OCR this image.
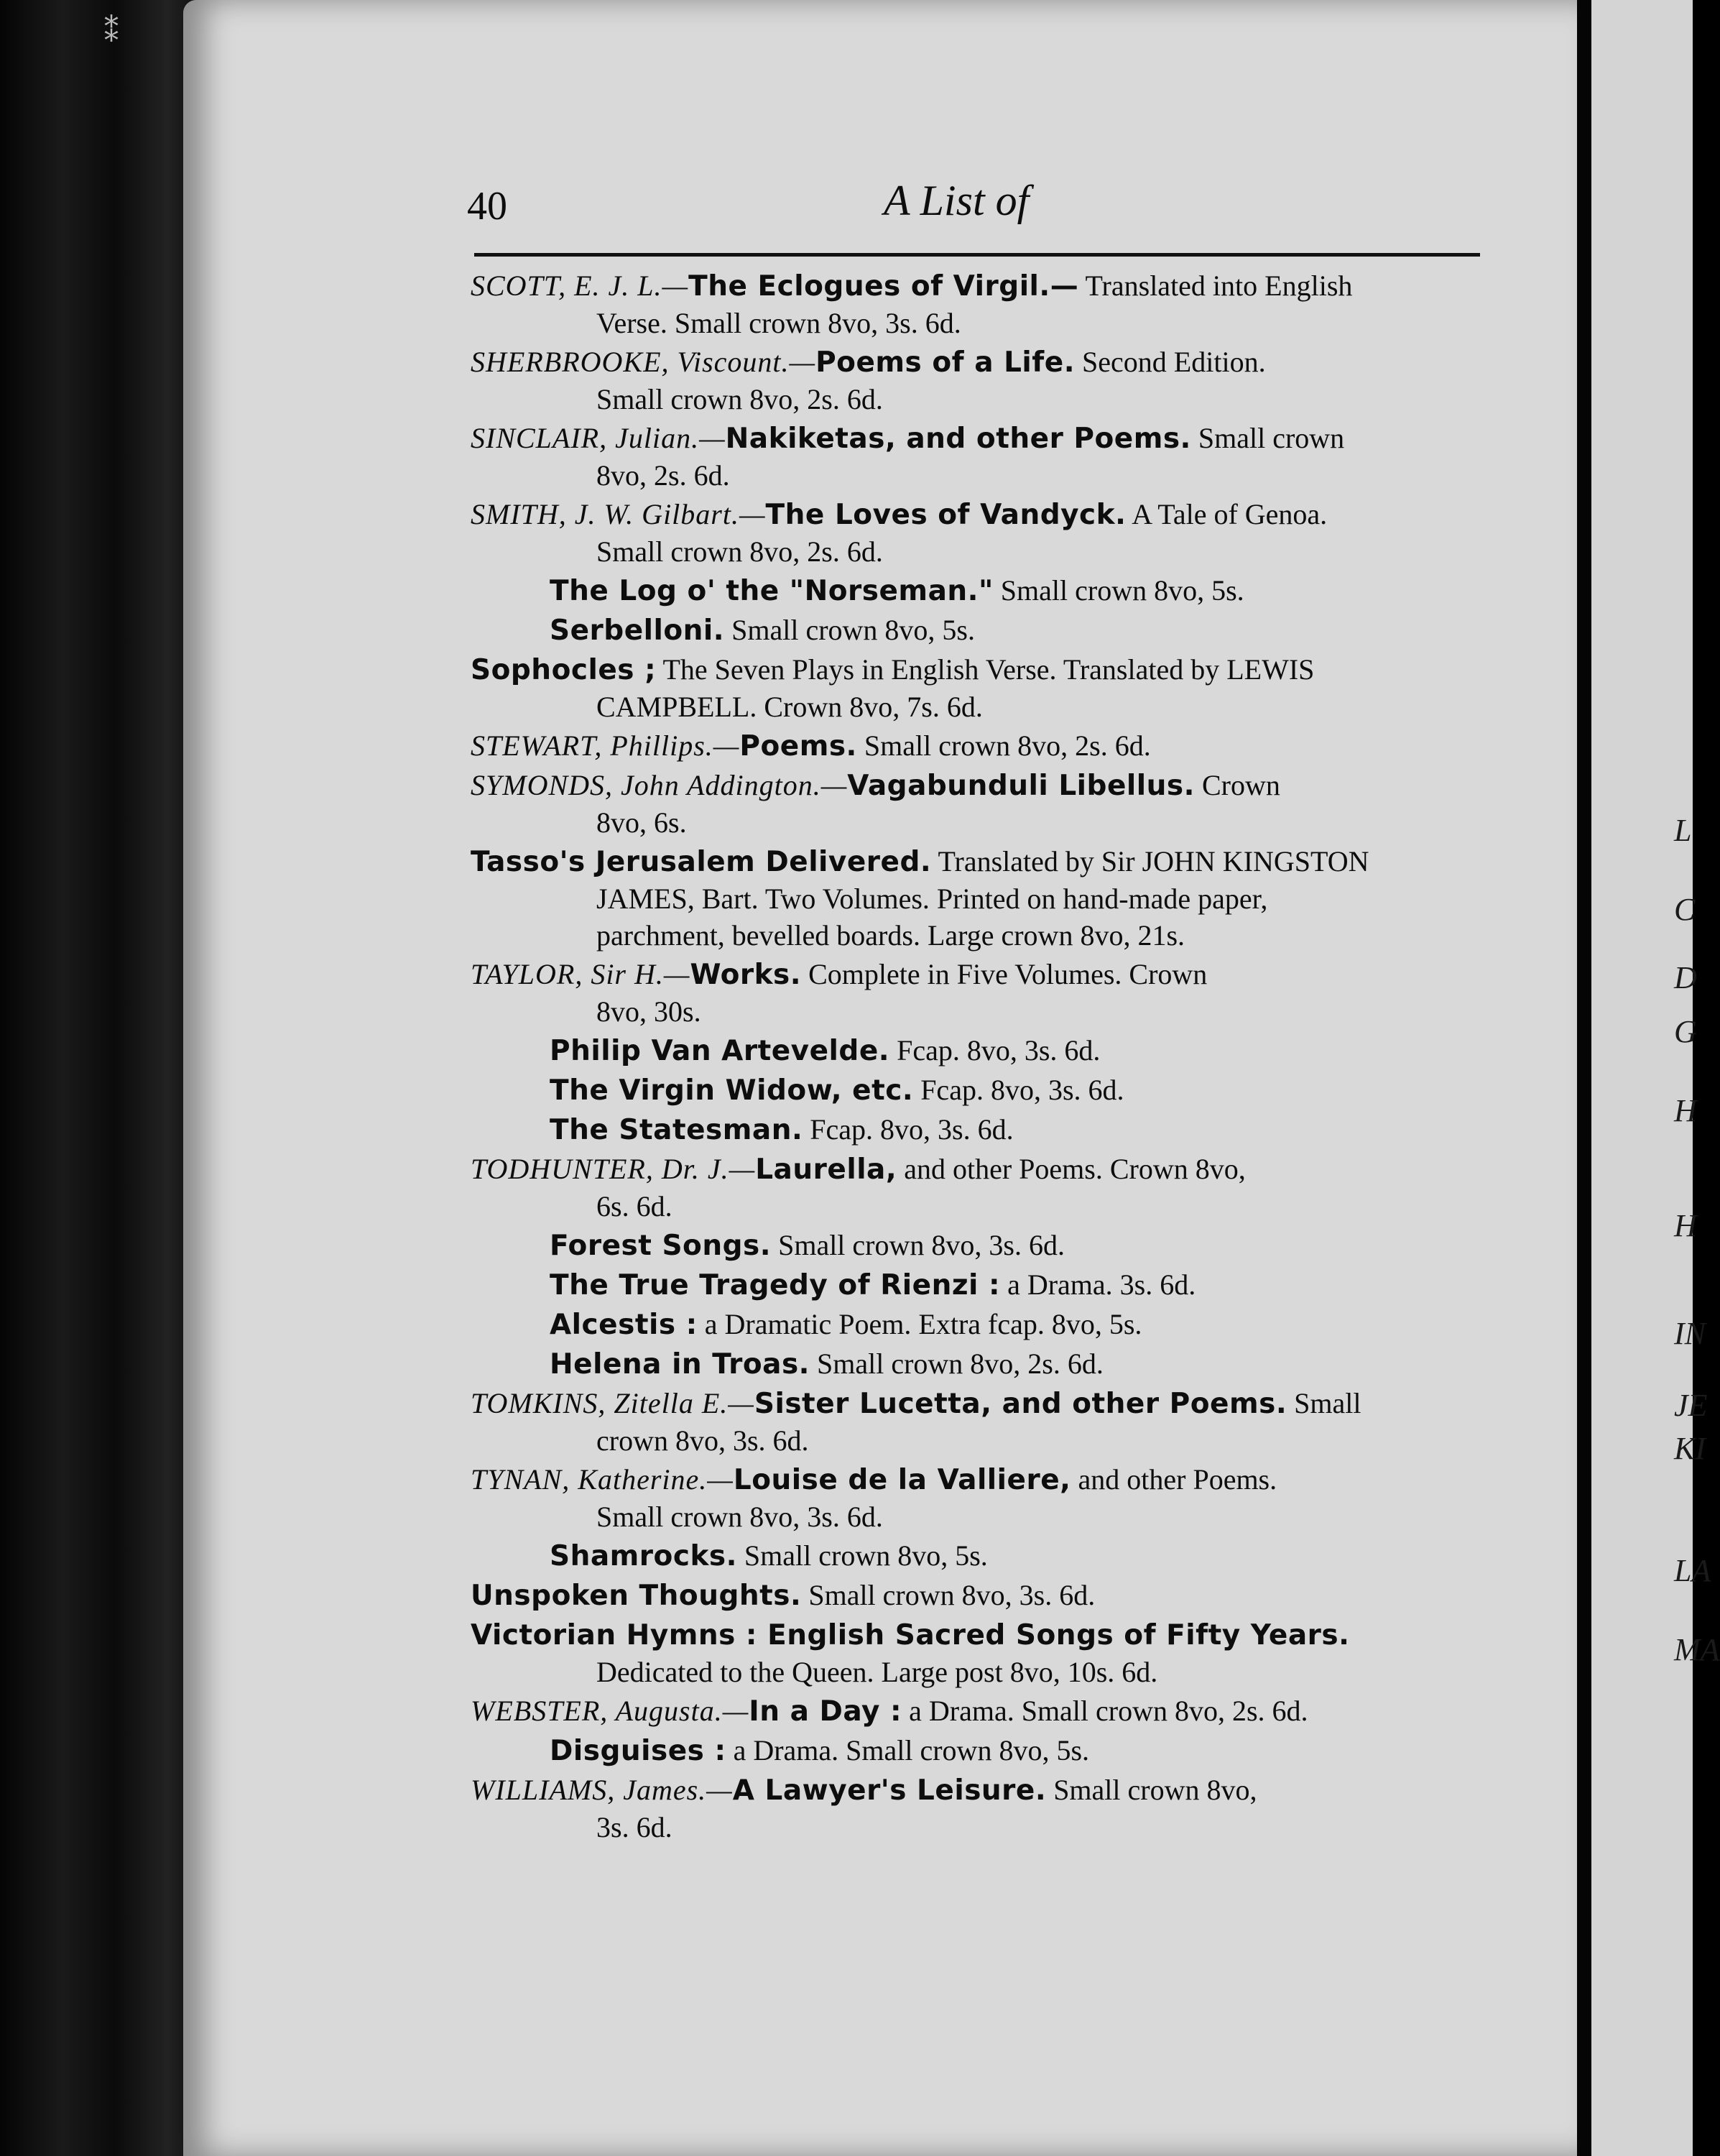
⁑
40	A List of
SCOTT, E. J. L.—The Eclogues of Virgil.— Translated into English
Verse. Small crown 8vo, 3s. 6d.
SHERBROOKE, Viscount.—Poems of a Life. Second Edition.
Small crown 8vo, 2s. 6d.
SINCLAIR, Julian.—Nakiketas, and other Poems. Small crown
8vo, 2s. 6d.
SMITH, J. W. Gilbart.—The Loves of Vandyck. A Tale of Genoa.
Small crown 8vo, 2s. 6d.
The Log o' the "Norseman." Small crown 8vo, 5s.
Serbelloni. Small crown 8vo, 5s.
Sophocles ; The Seven Plays in English Verse. Translated by LEWIS
CAMPBELL. Crown 8vo, 7s. 6d.
STEWART, Phillips.—Poems. Small crown 8vo, 2s. 6d.
SYMONDS, John Addington.—Vagabunduli Libellus. Crown
8vo, 6s.
Tasso's Jerusalem Delivered. Translated by Sir JOHN KINGSTON
JAMES, Bart. Two Volumes. Printed on hand-made paper,
parchment, bevelled boards. Large crown 8vo, 21s.
TAYLOR, Sir H.—Works. Complete in Five Volumes. Crown
8vo, 30s.
Philip Van Artevelde. Fcap. 8vo, 3s. 6d.
The Virgin Widow, etc. Fcap. 8vo, 3s. 6d.
The Statesman. Fcap. 8vo, 3s. 6d.
TODHUNTER, Dr. J.—Laurella, and other Poems. Crown 8vo,
6s. 6d.
Forest Songs. Small crown 8vo, 3s. 6d.
The True Tragedy of Rienzi : a Drama. 3s. 6d.
Alcestis : a Dramatic Poem. Extra fcap. 8vo, 5s.
Helena in Troas. Small crown 8vo, 2s. 6d.
TOMKINS, Zitella E.—Sister Lucetta, and other Poems. Small
crown 8vo, 3s. 6d.
TYNAN, Katherine.—Louise de la Valliere, and other Poems.
Small crown 8vo, 3s. 6d.
Shamrocks. Small crown 8vo, 5s.
Unspoken Thoughts. Small crown 8vo, 3s. 6d.
Victorian Hymns : English Sacred Songs of Fifty Years.
Dedicated to the Queen. Large post 8vo, 10s. 6d.
WEBSTER, Augusta.—In a Day : a Drama. Small crown 8vo, 2s. 6d.
Disguises : a Drama. Small crown 8vo, 5s.
WILLIAMS, James.—A Lawyer's Leisure. Small crown 8vo,
3s. 6d.
L
C
D
G
H
H
IN
JE
KI
LA
MA
